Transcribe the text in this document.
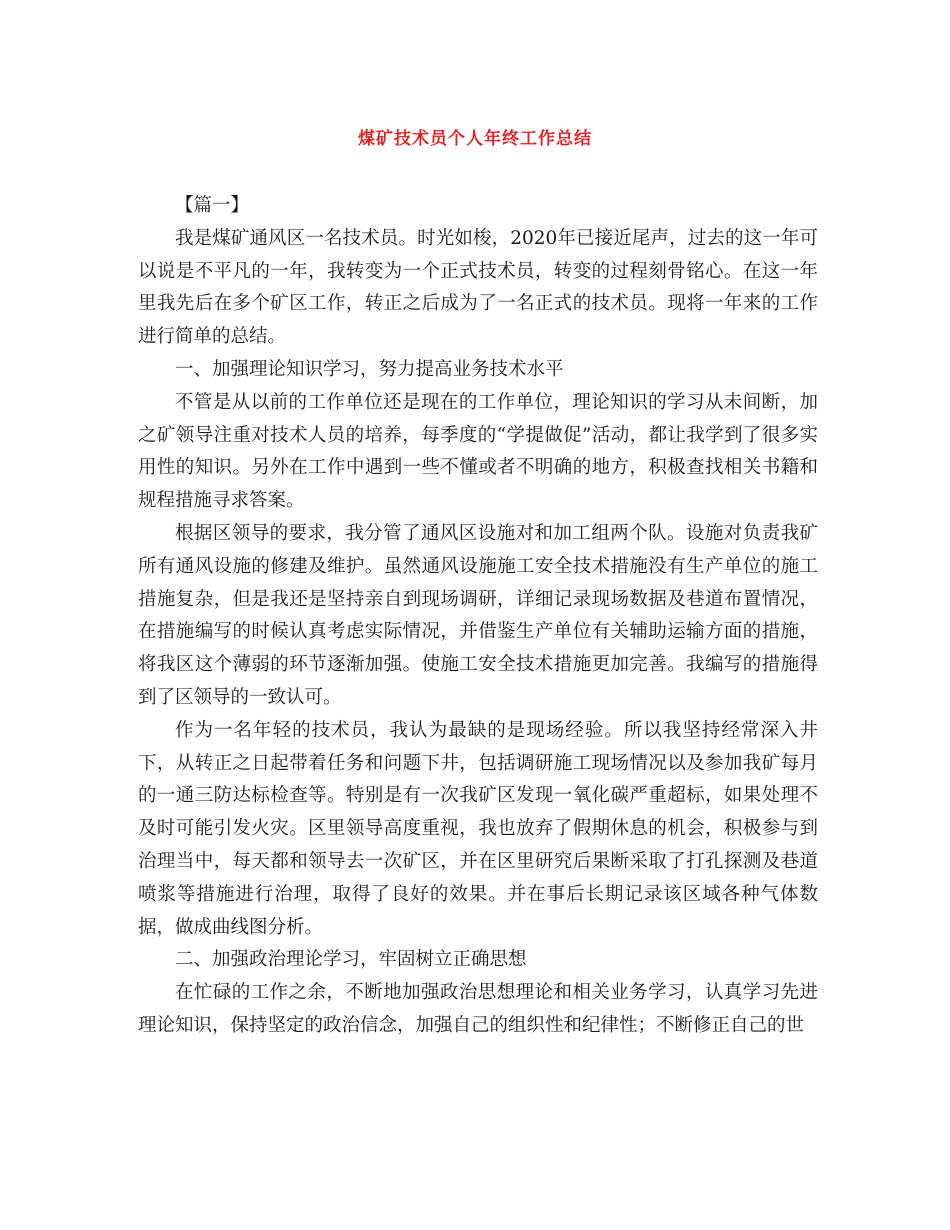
煤矿技术员个人年终工作总结

【篇一】

我是煤矿通风区一名技术员。时光如梭，2020年已接近尾声，过去的这一年可以说是不平凡的一年，我转变为一个正式技术员，转变的过程刻骨铭心。在这一年里我先后在多个矿区工作，转正之后成为了一名正式的技术员。现将一年来的工作进行简单的总结。

一、加强理论知识学习，努力提高业务技术水平

不管是从以前的工作单位还是现在的工作单位，理论知识的学习从未间断，加之矿领导注重对技术人员的培养，每季度的“学提做促”活动，都让我学到了很多实用性的知识。另外在工作中遇到一些不懂或者不明确的地方，积极查找相关书籍和规程措施寻求答案。

根据区领导的要求，我分管了通风区设施对和加工组两个队。设施对负责我矿所有通风设施的修建及维护。虽然通风设施施工安全技术措施没有生产单位的施工措施复杂，但是我还是坚持亲自到现场调研，详细记录现场数据及巷道布置情况，在措施编写的时候认真考虑实际情况，并借鉴生产单位有关辅助运输方面的措施，将我区这个薄弱的环节逐渐加强。使施工安全技术措施更加完善。我编写的措施得到了区领导的一致认可。

作为一名年轻的技术员，我认为最缺的是现场经验。所以我坚持经常深入井下，从转正之日起带着任务和问题下井，包括调研施工现场情况以及参加我矿每月的一通三防达标检查等。特别是有一次我矿区发现一氧化碳严重超标，如果处理不及时可能引发火灾。区里领导高度重视，我也放弃了假期休息的机会，积极参与到治理当中，每天都和领导去一次矿区，并在区里研究后果断采取了打孔探测及巷道喷浆等措施进行治理，取得了良好的效果。并在事后长期记录该区域各种气体数据，做成曲线图分析。

二、加强政治理论学习，牢固树立正确思想

在忙碌的工作之余，不断地加强政治思想理论和相关业务学习，认真学习先进理论知识，保持坚定的政治信念，加强自己的组织性和纪律性；不断修正自己的世
